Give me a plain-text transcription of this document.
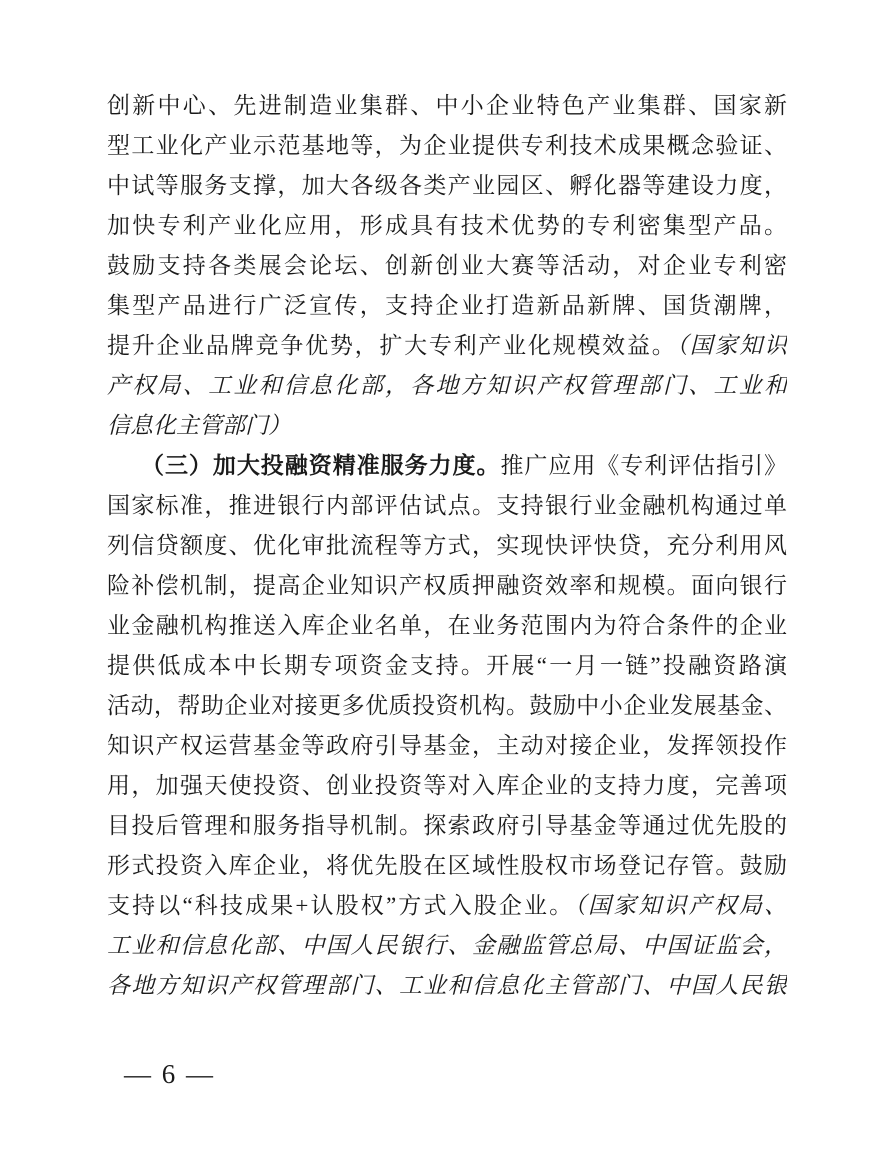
创新中心、先进制造业集群、中小企业特色产业集群、国家新
型工业化产业示范基地等，为企业提供专利技术成果概念验证、
中试等服务支撑，加大各级各类产业园区、孵化器等建设力度，
加快专利产业化应用，形成具有技术优势的专利密集型产品。
鼓励支持各类展会论坛、创新创业大赛等活动，对企业专利密
集型产品进行广泛宣传，支持企业打造新品新牌、国货潮牌，
提升企业品牌竞争优势，扩大专利产业化规模效益。（国家知识
产权局、工业和信息化部，各地方知识产权管理部门、工业和
信息化主管部门）
（三）加大投融资精准服务力度。推广应用《专利评估指引》
国家标准，推进银行内部评估试点。支持银行业金融机构通过单
列信贷额度、优化审批流程等方式，实现快评快贷，充分利用风
险补偿机制，提高企业知识产权质押融资效率和规模。面向银行
业金融机构推送入库企业名单，在业务范围内为符合条件的企业
提供低成本中长期专项资金支持。开展“一月一链”投融资路演
活动，帮助企业对接更多优质投资机构。鼓励中小企业发展基金、
知识产权运营基金等政府引导基金，主动对接企业，发挥领投作
用，加强天使投资、创业投资等对入库企业的支持力度，完善项
目投后管理和服务指导机制。探索政府引导基金等通过优先股的
形式投资入库企业，将优先股在区域性股权市场登记存管。鼓励
支持以“科技成果+认股权”方式入股企业。（国家知识产权局、
工业和信息化部、中国人民银行、金融监管总局、中国证监会，
各地方知识产权管理部门、工业和信息化主管部门、中国人民银
— 6 —
